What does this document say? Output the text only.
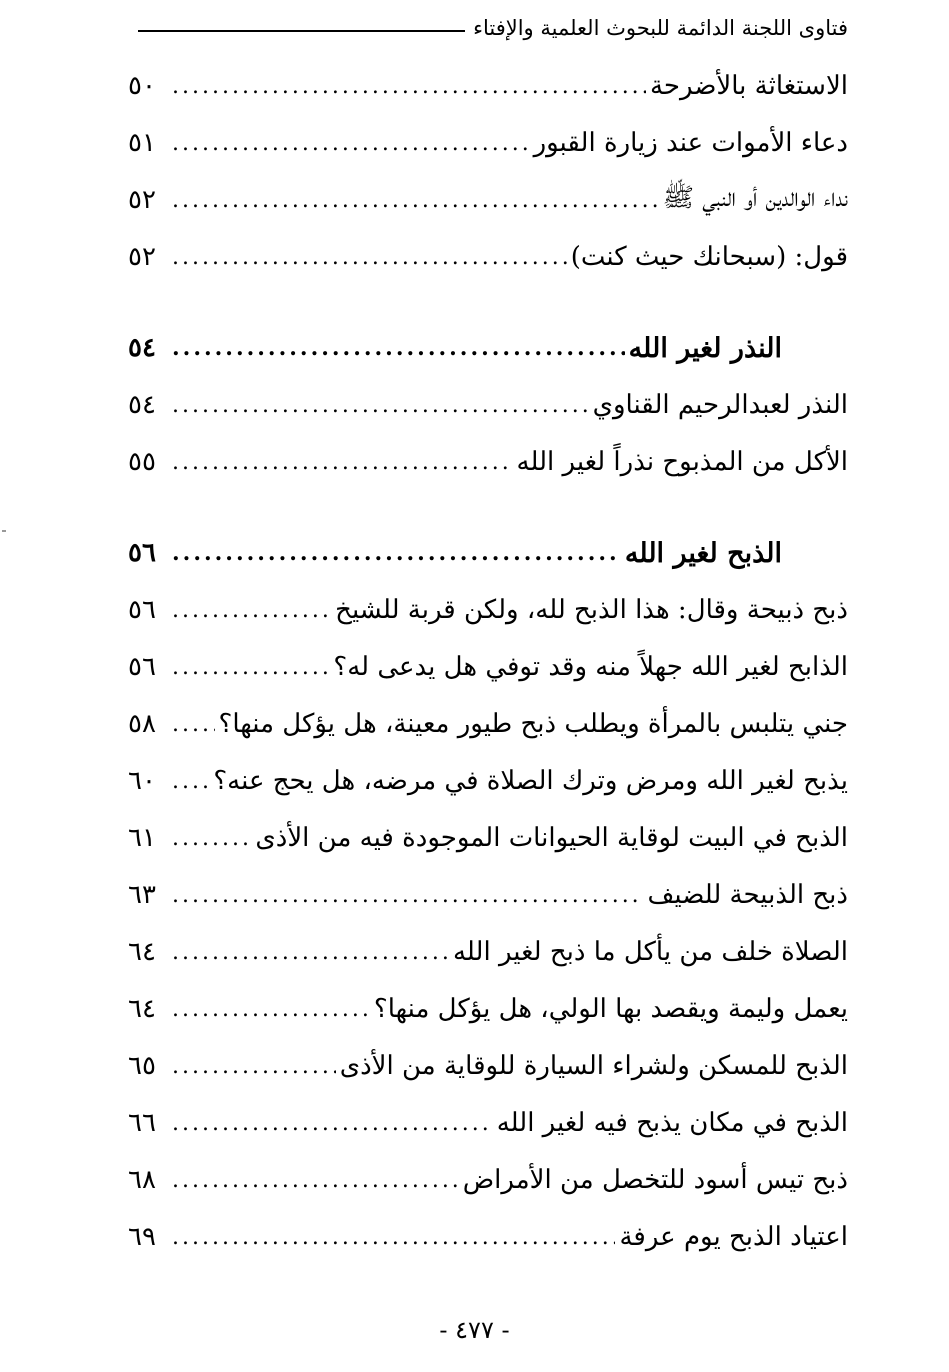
فتاوى اللجنة الدائمة للبحوث العلمية والإفتاء
الاستغاثة بالأضرحة
.....
٥٠
دعاء الأموات عند زيارة القبور
.....
٥١
نداء الوالدين أو النبي ﷺ
.....
٥٢
قول: (سبحانك حيث كنت)
.....
٥٢
النذر لغير الله
.....
٥٤
النذر لعبدالرحيم القناوي
.....
٥٤
الأكل من المذبوح نذراً لغير الله
.....
٥٥
الذبح لغير الله
.....
٥٦
ذبح ذبيحة وقال: هذا الذبح لله، ولكن قربة للشيخ
.....
٥٦
الذابح لغير الله جهلاً منه وقد توفي هل يدعى له؟
.....
٥٦
جني يتلبس بالمرأة ويطلب ذبح طيور معينة، هل يؤكل منها؟
.....
٥٨
يذبح لغير الله ومرض وترك الصلاة في مرضه، هل يحج عنه؟
.....
٦٠
الذبح في البيت لوقاية الحيوانات الموجودة فيه من الأذى
.....
٦١
ذبح الذبيحة للضيف
.....
٦٣
الصلاة خلف من يأكل ما ذبح لغير الله
.....
٦٤
يعمل وليمة ويقصد بها الولي، هل يؤكل منها؟
.....
٦٤
الذبح للمسكن ولشراء السيارة للوقاية من الأذى
.....
٦٥
الذبح في مكان يذبح فيه لغير الله
.....
٦٦
ذبح تيس أسود للتخصل من الأمراض
.....
٦٨
اعتياد الذبح يوم عرفة
.....
٦٩
- ٤٧٧ -
